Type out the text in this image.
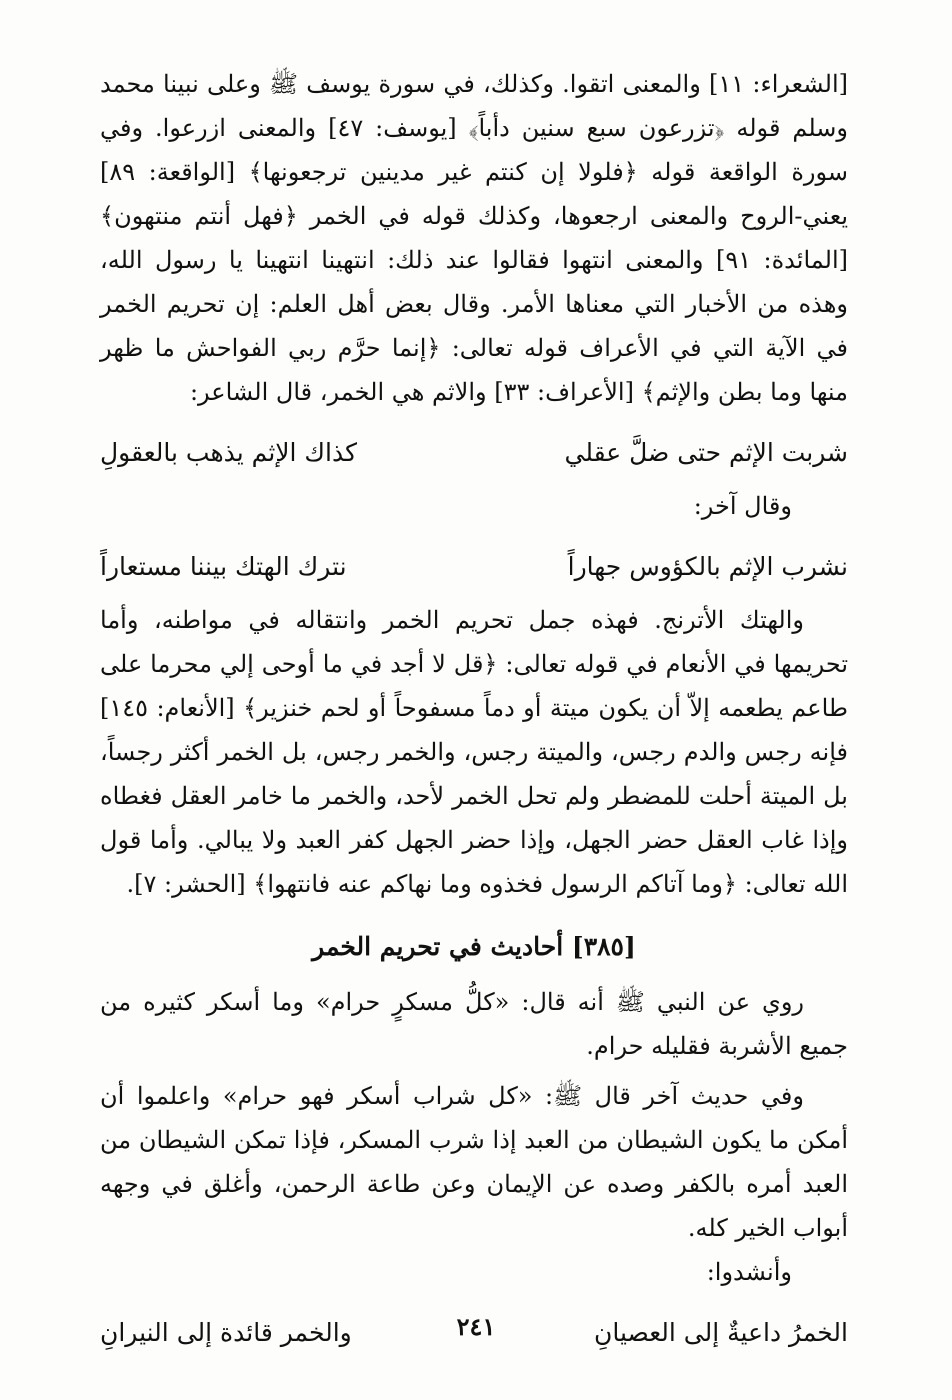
[الشعراء: ١١] والمعنى اتقوا. وكذلك، في سورة يوسف ﷺ وعلى نبينا محمد وسلم قوله ﴿تزرعون سبع سنين دأباً﴾ [يوسف: ٤٧] والمعنى ازرعوا. وفي سورة الواقعة قوله ﴿فلولا إن كنتم غير مدينين ترجعونها﴾ [الواقعة: ٨٩] يعني-الروح والمعنى ارجعوها، وكذلك قوله في الخمر ﴿فهل أنتم منتهون﴾ [المائدة: ٩١] والمعنى انتهوا فقالوا عند ذلك: انتهينا انتهينا يا رسول الله، وهذه من الأخبار التي معناها الأمر. وقال بعض أهل العلم: إن تحريم الخمر في الآية التي في الأعراف قوله تعالى: ﴿إنما حرَّم ربي الفواحش ما ظهر منها وما بطن والإثم﴾ [الأعراف: ٣٣] والاثم هي الخمر، قال الشاعر:

شربت الإثم حتى ضلَّ عقلي
كذاك الإثم يذهب بالعقولِ

وقال آخر:

نشرب الإثم بالكؤوس جهاراً
نترك الهتك بيننا مستعاراً

والهتك الأترنج. فهذه جمل تحريم الخمر وانتقاله في مواطنه، وأما تحريمها في الأنعام في قوله تعالى: ﴿قل لا أجد في ما أوحى إلي محرما على طاعم يطعمه إلاّ أن يكون ميتة أو دماً مسفوحاً أو لحم خنزير﴾ [الأنعام: ١٤٥] فإنه رجس والدم رجس، والميتة رجس، والخمر رجس، بل الخمر أكثر رجساً، بل الميتة أحلت للمضطر ولم تحل الخمر لأحد، والخمر ما خامر العقل فغطاه وإذا غاب العقل حضر الجهل، وإذا حضر الجهل كفر العبد ولا يبالي. وأما قول الله تعالى: ﴿وما آتاكم الرسول فخذوه وما نهاكم عنه فانتهوا﴾ [الحشر: ٧].

[٣٨٥] أحاديث في تحريم الخمر

روي عن النبي ﷺ أنه قال: «كلُّ مسكرٍ حرام» وما أسكر كثيره من جميع الأشربة فقليله حرام.

وفي حديث آخر قال ﷺ: «كل شراب أسكر فهو حرام» واعلموا أن أمكن ما يكون الشيطان من العبد إذا شرب المسكر، فإذا تمكن الشيطان من العبد أمره بالكفر وصده عن الإيمان وعن طاعة الرحمن، وأغلق في وجهه أبواب الخير كله.

وأنشدوا:

الخمرُ داعيةٌ إلى العصيانِ
والخمر قائدة إلى النيرانِ	٢٤١
